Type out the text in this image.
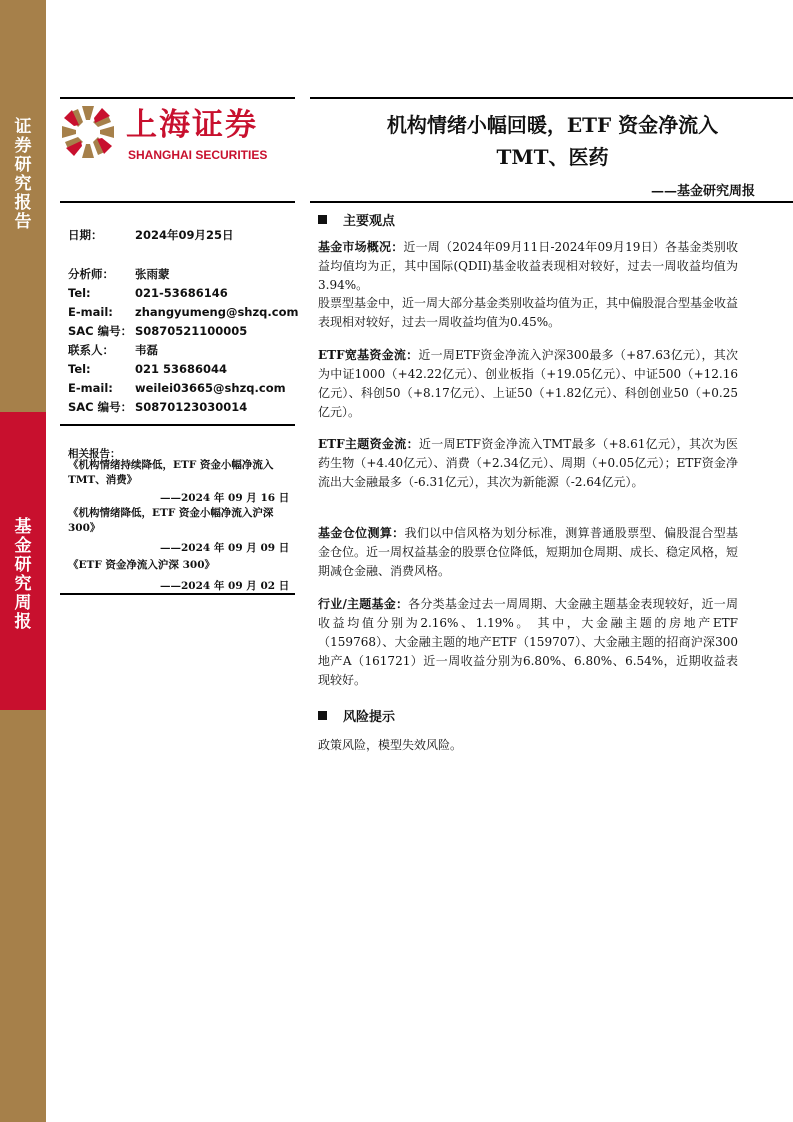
证
券
研
究
报
告
基
金
研
究
周
报
上海证券
SHANGHAI SECURITIES
机构情绪小幅回暖，ETF 资金净流入
TMT、医药
——基金研究周报
日期：	2024年09月25日
分析师： 张雨蒙
Tel:	021-53686146
E-mail: zhangyumeng@shzq.com
SAC 编号： S0870521100005
联系人： 韦磊
Tel:	021 53686044
E-mail: weilei03665@shzq.com
SAC 编号： S0870123030014
相关报告：
《机构情绪持续降低，ETF 资金小幅净流入 TMT、消费》
——2024 年 09 月 16 日
《机构情绪降低，ETF 资金小幅净流入沪深 300》
——2024 年 09 月 09 日
《ETF 资金净流入沪深 300》
——2024 年 09 月 02 日
主要观点
基金市场概况：近一周（2024年09月11日-2024年09月19日）各基金类别收益均值均为正，其中国际(QDII)基金收益表现相对较好，过去一周收益均值为3.94%。
股票型基金中，近一周大部分基金类别收益均值为正，其中偏股混合型基金收益表现相对较好，过去一周收益均值为0.45%。
ETF宽基资金流：近一周ETF资金净流入沪深300最多（+87.63亿元），其次为中证1000（+42.22亿元）、创业板指（+19.05亿元）、中证500（+12.16亿元）、科创50（+8.17亿元）、上证50（+1.82亿元）、科创创业50（+0.25亿元）。
ETF主题资金流：近一周ETF资金净流入TMT最多（+8.61亿元），其次为医药生物（+4.40亿元）、消费（+2.34亿元）、周期（+0.05亿元）；ETF资金净流出大金融最多（-6.31亿元），其次为新能源（-2.64亿元）。
基金仓位测算：我们以中信风格为划分标准，测算普通股票型、偏股混合型基金仓位。近一周权益基金的股票仓位降低，短期加仓周期、成长、稳定风格，短期减仓金融、消费风格。
行业/主题基金：各分类基金过去一周周期、大金融主题基金表现较好，近一周收益均值分别为2.16%、1.19%。 其中，大金融主题的房地产ETF（159768）、大金融主题的地产ETF（159707）、大金融主题的招商沪深300地产A（161721）近一周收益分别为6.80%、6.80%、6.54%，近期收益表现较好。
风险提示
政策风险，模型失效风险。
